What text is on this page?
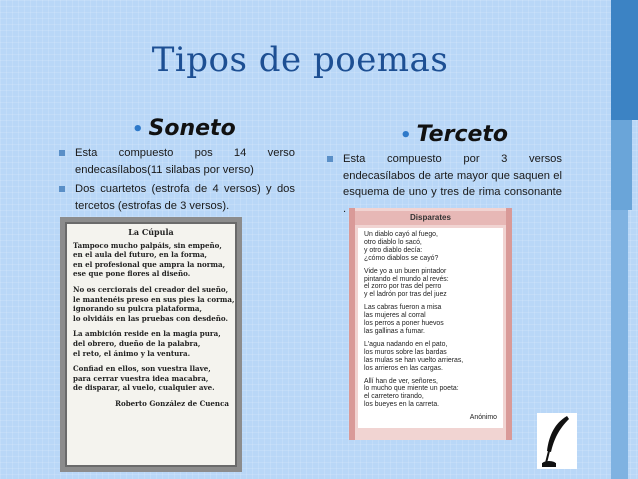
Tipos de poemas
• Soneto	• Terceto
Esta compuesto pos 14 verso endecasílabos(11 silabas por verso)
Dos cuartetos (estrofa de 4 versos) y dos tercetos (estrofas de 3 versos).
Esta compuesto por 3 versos endecasílabos de arte mayor que saquen el esquema de uno y tres de rima consonante .
La Cúpula
Tampoco mucho palpáis, sin empeño,
en el aula del futuro, en la forma,
en el profesional que ampra la norma,
ese que pone flores al diseño.
No os cerciorais del creador del sueño,
le mantenéis preso en sus pies la corma,
ignorando su pulcra plataforma,
lo olvidáis en las pruebas con desdeño.
La ambición reside en la magia pura,
del obrero, dueño de la palabra,
el reto, el ánimo y la ventura.
Confiad en ellos, son vuestra llave,
para cerrar vuestra idea macabra,
de disparar, al vuelo, cualquier ave.
Roberto González de Cuenca
Disparates
Un diablo cayó al fuego,
otro diablo lo sacó,
y otro diablo decía:
¿cómo diablos se cayó?
Vide yo a un buen pintador
pintando el mundo al revés:
el zorro por tras del perro
y el ladrón por tras del juez
Las cabras fueron a misa
las mujeres al corral
los perros a poner huevos
las gallinas a fumar.
L'agua nadando en el pato,
los muros sobre las bardas
las mulas se han vuelto arrieras,
los arrieros en las cargas.
Allí han de ver, señores,
lo mucho que miente un poeta:
el carretero tirando,
los bueyes en la carreta.
Anónimo
